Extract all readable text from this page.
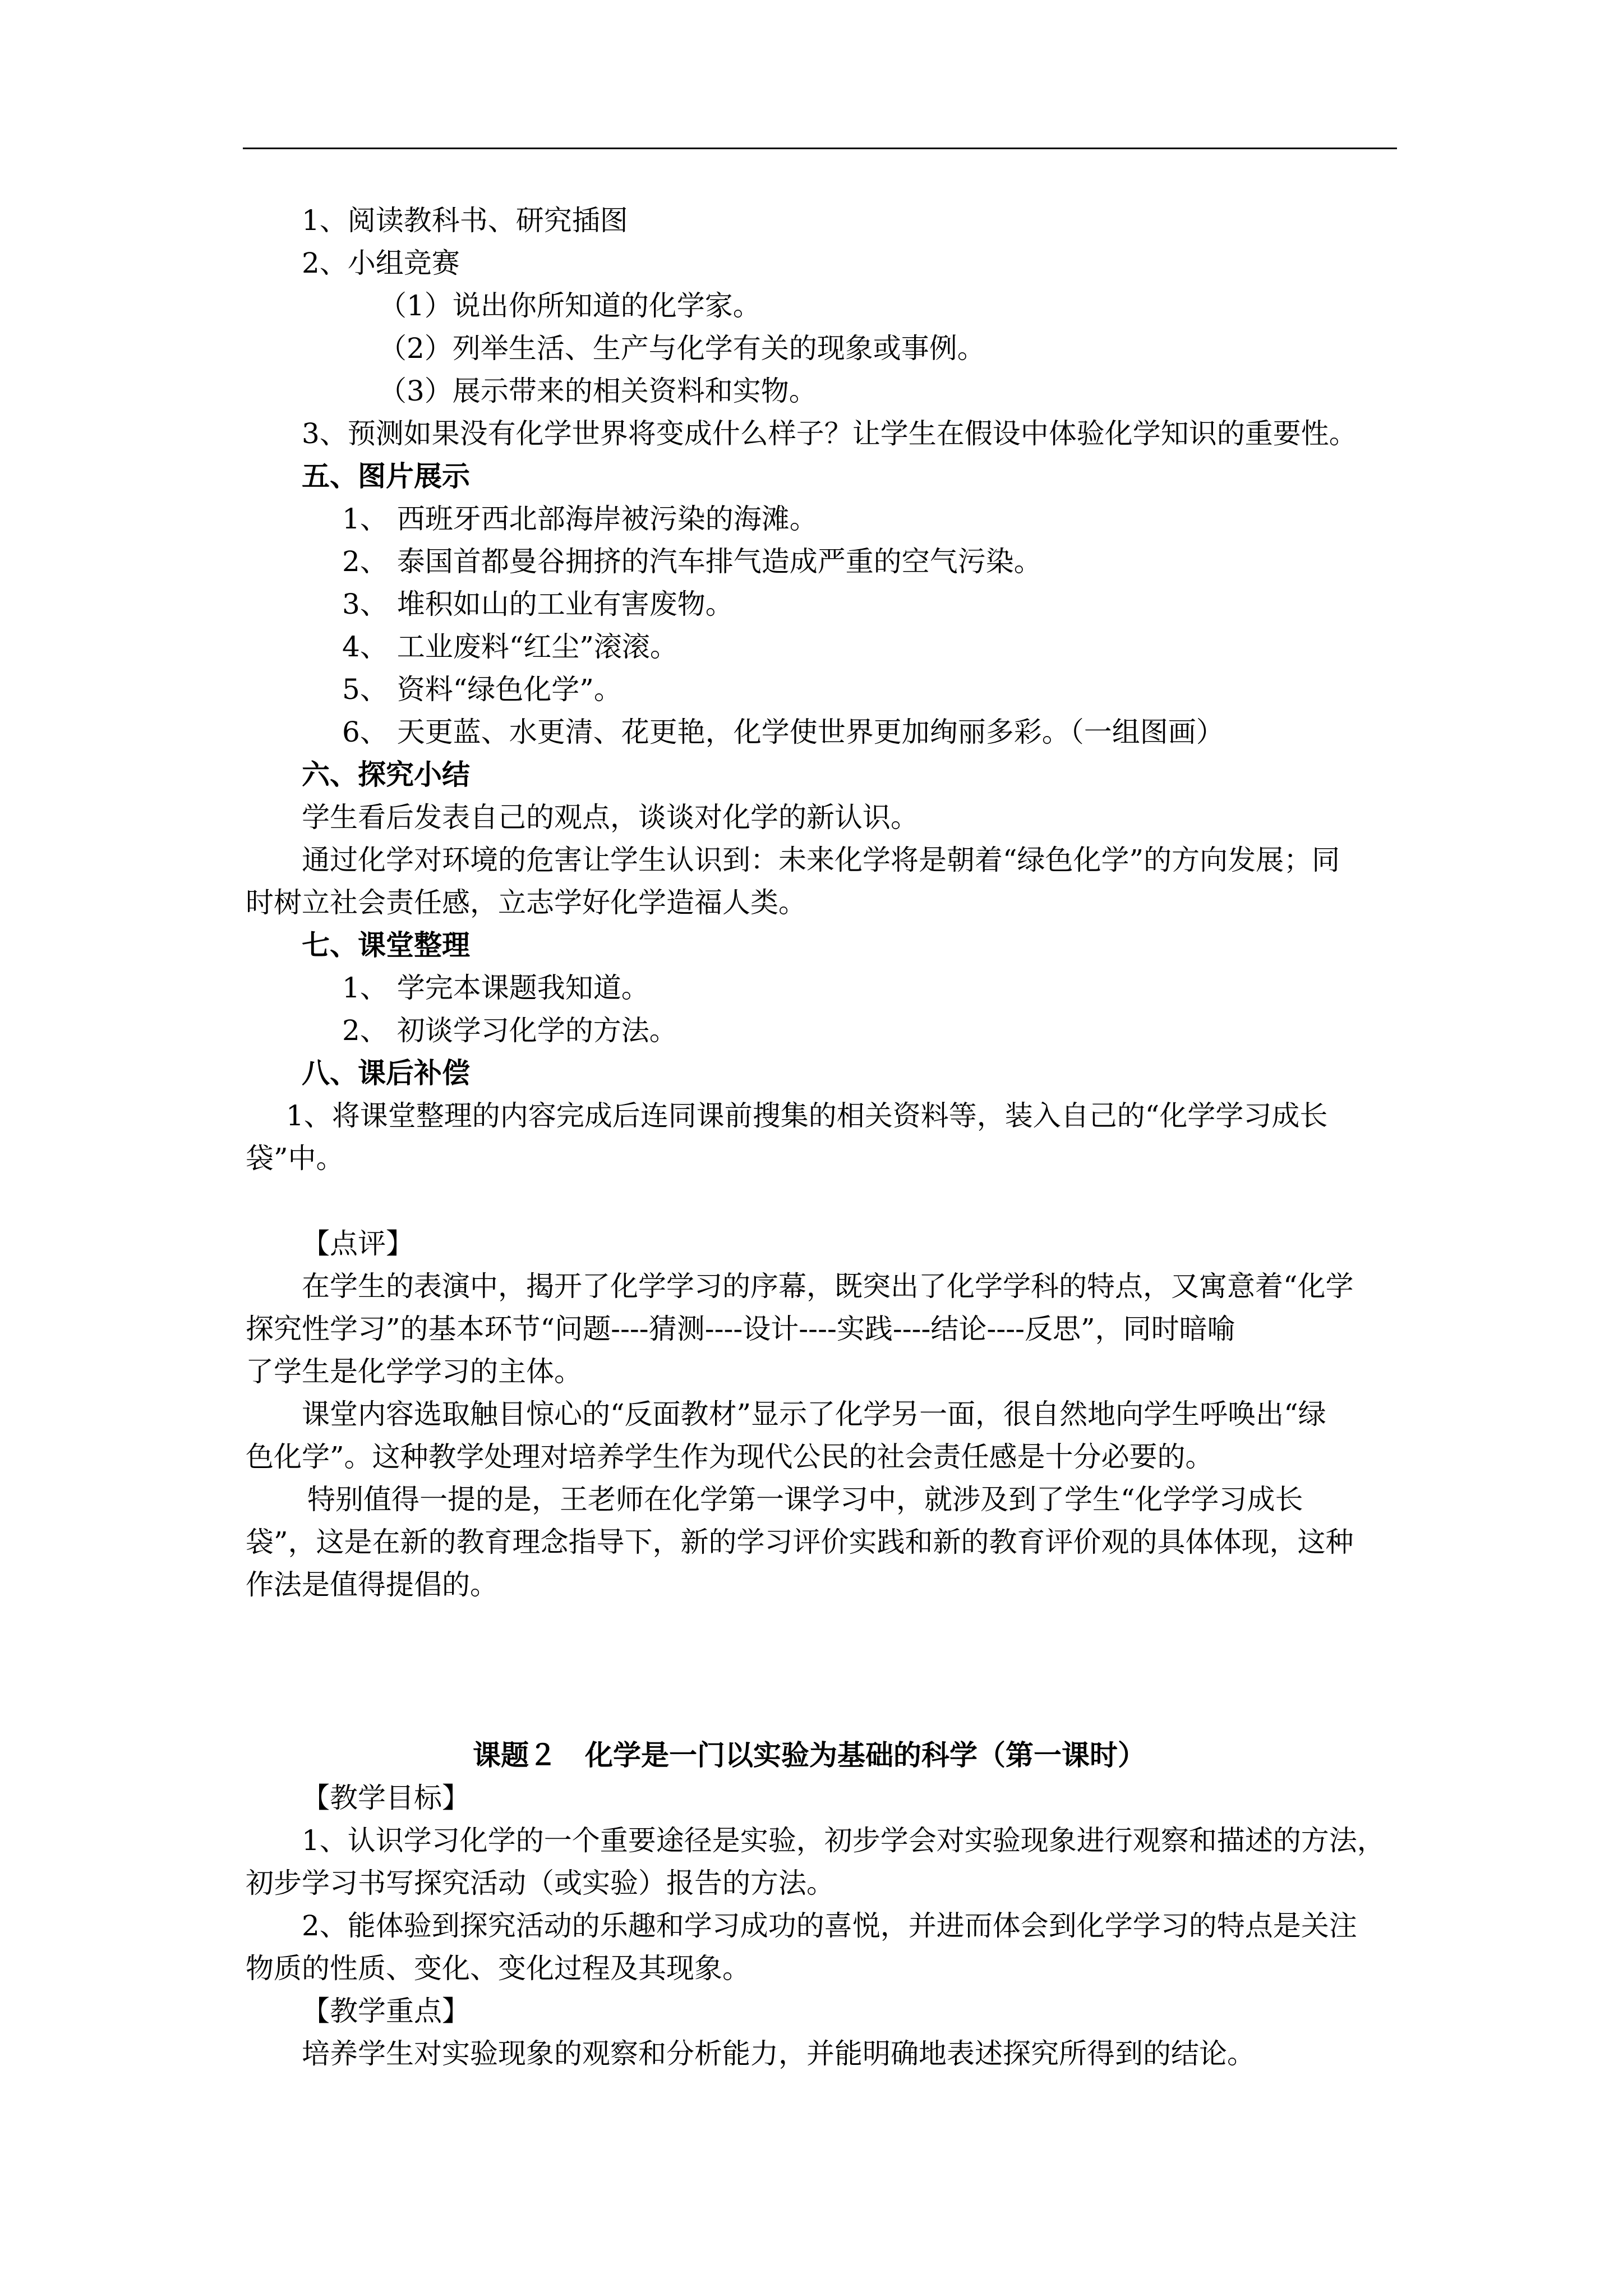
1、阅读教科书、研究插图
2、小组竞赛
（1）说出你所知道的化学家。
（2）列举生活、生产与化学有关的现象或事例。
（3）展示带来的相关资料和实物。
3、预测如果没有化学世界将变成什么样子？让学生在假设中体验化学知识的重要性。
五、图片展示
1、 西班牙西北部海岸被污染的海滩。
2、 泰国首都曼谷拥挤的汽车排气造成严重的空气污染。
3、 堆积如山的工业有害废物。
4、 工业废料“红尘”滚滚。
5、 资料“绿色化学”。
6、 天更蓝、水更清、花更艳，化学使世界更加绚丽多彩。（一组图画）
六、探究小结
学生看后发表自己的观点，谈谈对化学的新认识。
通过化学对环境的危害让学生认识到：未来化学将是朝着“绿色化学”的方向发展；同
时树立社会责任感，立志学好化学造福人类。
七、课堂整理
1、 学完本课题我知道。
2、 初谈学习化学的方法。
八、课后补偿
1、将课堂整理的内容完成后连同课前搜集的相关资料等，装入自己的“化学学习成长
袋”中。
【点评】
在学生的表演中，揭开了化学学习的序幕，既突出了化学学科的特点，又寓意着“化学
探究性学习”的基本环节“问题----猜测----设计----实践----结论----反思”，同时暗喻
了学生是化学学习的主体。
课堂内容选取触目惊心的“反面教材”显示了化学另一面，很自然地向学生呼唤出“绿
色化学”。这种教学处理对培养学生作为现代公民的社会责任感是十分必要的。
特别值得一提的是，王老师在化学第一课学习中，就涉及到了学生“化学学习成长
袋”，这是在新的教育理念指导下，新的学习评价实践和新的教育评价观的具体体现，这种
作法是值得提倡的。
课题２　化学是一门以实验为基础的科学（第一课时）
【教学目标】
1、认识学习化学的一个重要途径是实验，初步学会对实验现象进行观察和描述的方法，
初步学习书写探究活动（或实验）报告的方法。
2、能体验到探究活动的乐趣和学习成功的喜悦，并进而体会到化学学习的特点是关注
物质的性质、变化、变化过程及其现象。
【教学重点】
培养学生对实验现象的观察和分析能力，并能明确地表述探究所得到的结论。
